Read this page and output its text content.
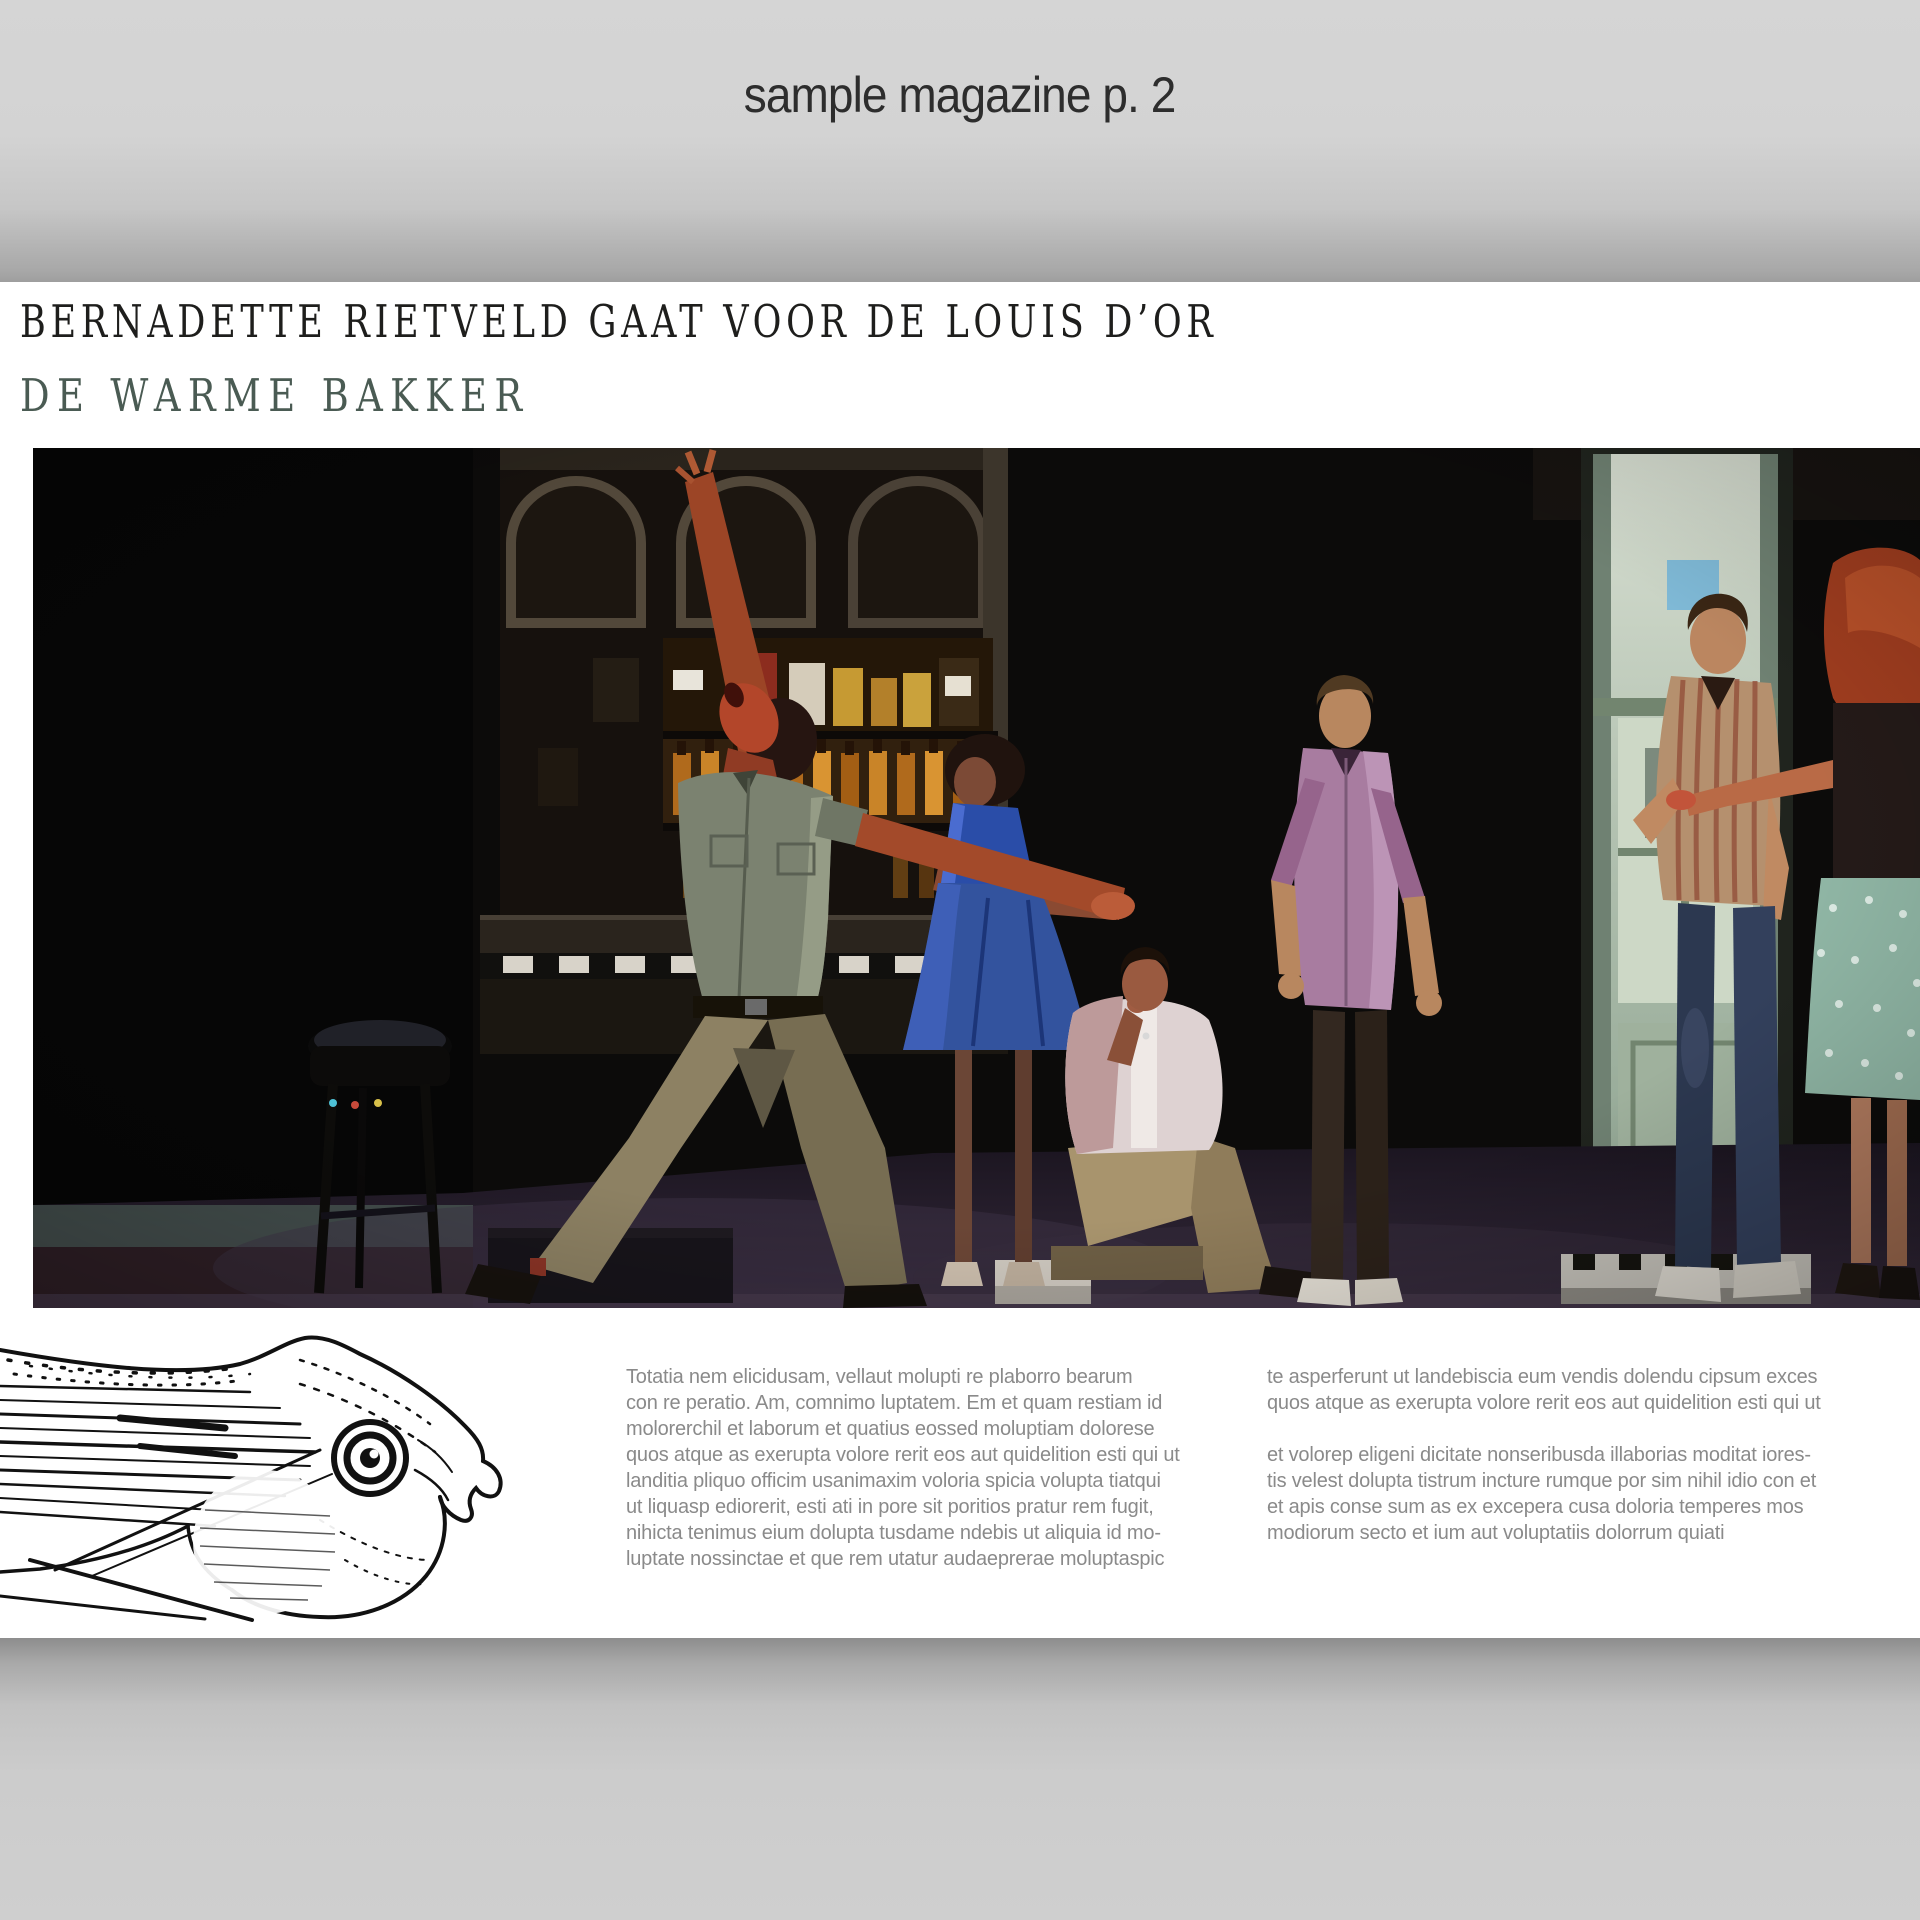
sample magazine p. 2
BERNADETTE RIETVELD GAAT VOOR DE LOUIS D’OR
DE WARME BAKKER
Totatia nem elicidusam, vellaut molupti re plaborro bearum
con re peratio. Am, comnimo luptatem. Em et quam restiam id
molorerchil et laborum et quatius eossed moluptiam dolorese
quos atque as exerupta volore rerit eos aut quidelition esti qui ut
landitia pliquo officim usanimaxim voloria spicia volupta tiatqui
ut liquasp ediorerit, esti ati in pore sit poritios pratur rem fugit,
nihicta tenimus eium dolupta tusdame ndebis ut aliquia id mo-
luptate nossinctae et que rem utatur audaeprerae moluptaspic
te asperferunt ut landebiscia eum vendis dolendu cipsum exces
quos atque as exerupta volore rerit eos aut quidelition esti qui ut
et volorep eligeni dicitate nonseribusda illaborias moditat iores-
tis velest dolupta tistrum incture rumque por sim nihil idio con et
et apis conse sum as ex excepera cusa doloria temperes mos
modiorum secto et ium aut voluptatiis dolorrum quiati
